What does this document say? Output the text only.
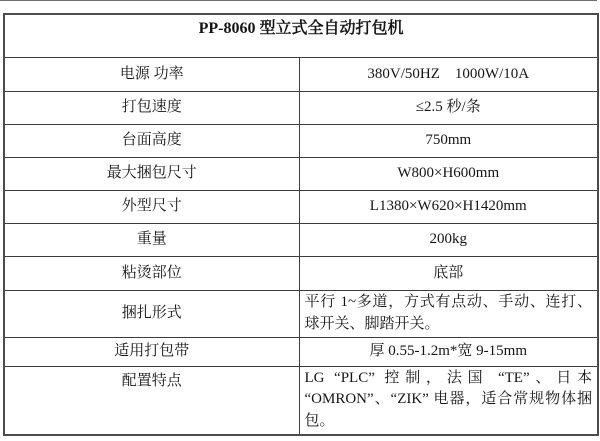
PP-8060 型立式全自动打包机	
电源 功率	380V/50HZ    1000W/10A
打包速度	≤2.5 秒/条
台面高度	750mm
最大捆包尺寸	W800×H600mm
外型尺寸	L1380×W620×H1420mm
重量	200kg
粘烫部位	底部
捆扎形式	平行 1~多道，方式有点动、手动、连打、球开关、脚踏开关。
适用打包带	厚 0.55-1.2m*宽 9-15mm
配置特点	LG “PLC” 控制，法国 “TE”、日本 “OMRON”、“ZIK” 电器，适合常规物体捆包。
